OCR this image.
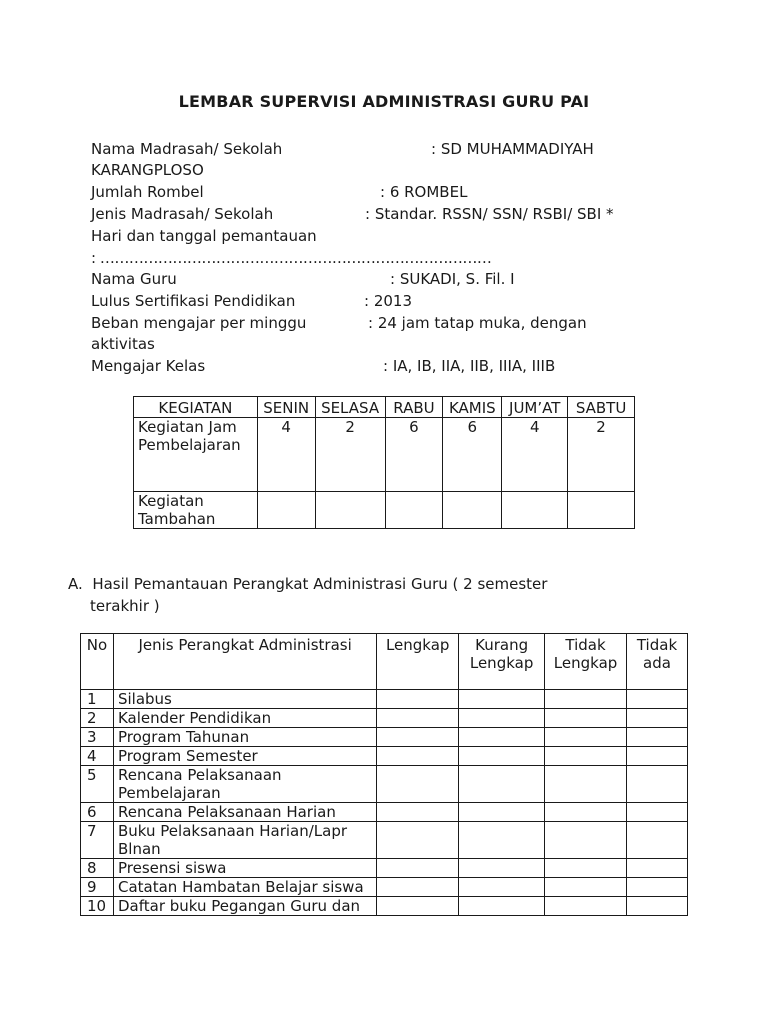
LEMBAR SUPERVISI ADMINISTRASI GURU PAI
Nama Madrasah/ Sekolah	: SD MUHAMMADIYAH
KARANGPLOSO
Jumlah Rombel	: 6 ROMBEL
Jenis Madrasah/ Sekolah	: Standar. RSSN/ SSN/ RSBI/ SBI *
Hari dan tanggal pemantauan
: ………………………………………………………………………
Nama Guru	: SUKADI, S. Fil. I
Lulus Sertifikasi Pendidikan	: 2013
Beban mengajar per minggu	: 24 jam tatap muka, dengan
aktivitas
Mengajar Kelas	: IA, IB, IIA, IIB, IIIA, IIIB
KEGIATAN	SENIN	SELASA	RABU	KAMIS	JUM’AT	SABTU
Kegiatan Jam Pembelajaran	4	2	6	6	4	2
Kegiatan Tambahan						
A. Hasil Pemantauan Perangkat Administrasi Guru ( 2 semester
terakhir )
No	Jenis Perangkat Administrasi	Lengkap	Kurang Lengkap	Tidak Lengkap	Tidak ada
1	Silabus				
2	Kalender Pendidikan				
3	Program Tahunan				
4	Program Semester				
5	Rencana Pelaksanaan Pembelajaran				
6	Rencana Pelaksanaan Harian				
7	Buku Pelaksanaan Harian/Lapr Blnan				
8	Presensi siswa				
9	Catatan Hambatan Belajar siswa				
10	Daftar buku Pegangan Guru dan				
